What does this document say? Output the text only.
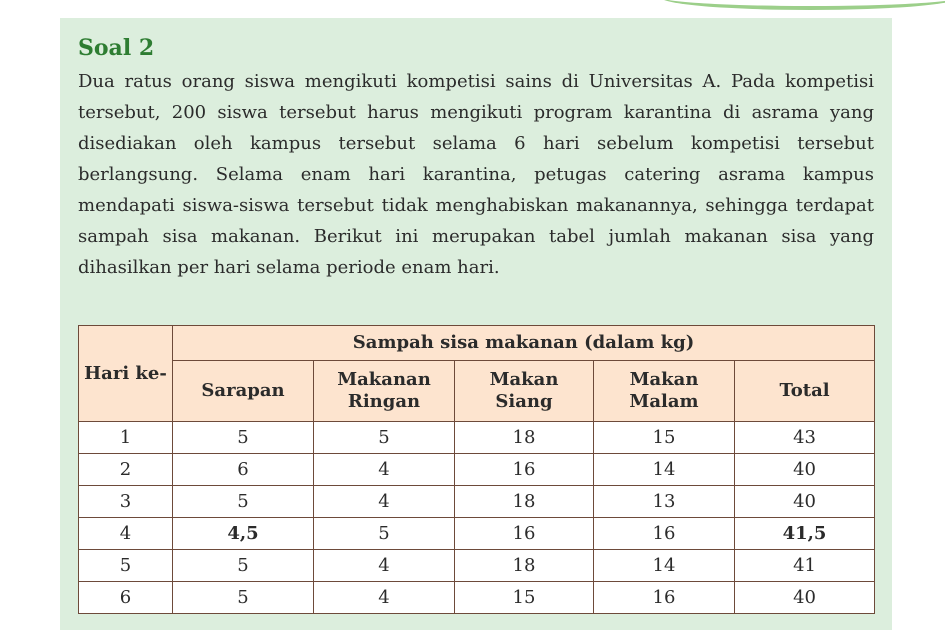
Soal 2

Dua ratus orang siswa mengikuti kompetisi sains di Universitas A. Pada kompetisi tersebut, 200 siswa tersebut harus mengikuti program karantina di asrama yang disediakan oleh kampus tersebut selama 6 hari sebelum kompetisi tersebut berlangsung. Selama enam hari karantina, petugas catering asrama kampus mendapati siswa-siswa tersebut tidak menghabiskan makanannya, sehingga terdapat sampah sisa makanan. Berikut ini merupakan tabel jumlah makanan sisa yang dihasilkan per hari selama periode enam hari.

Hari ke-	Sampah sisa makanan (dalam kg)				
	Sarapan	Makanan Ringan	Makan Siang	Makan Malam	Total
1	5	5	18	15	43
2	6	4	16	14	40
3	5	4	18	13	40
4	4,5	5	16	16	41,5
5	5	4	18	14	41
6	5	4	15	16	40
